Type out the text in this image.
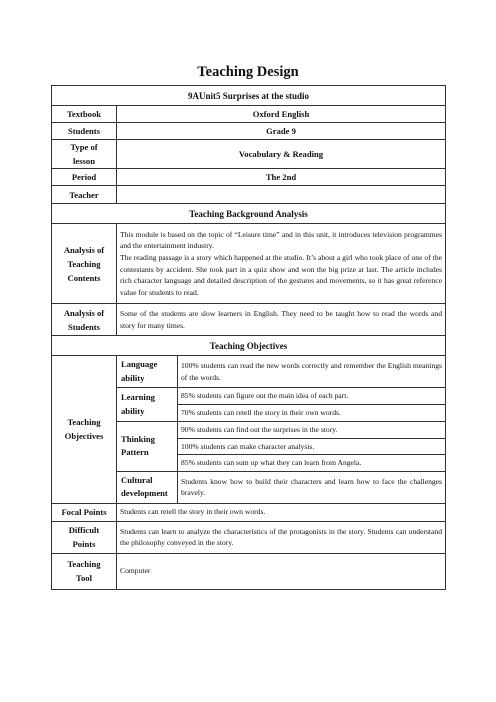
Teaching Design
9AUnit5 Surprises at the studio		
Textbook	Oxford English	
Students	Grade 9	
Type of lesson	Vocabulary & Reading	
Period	The 2nd	
Teacher		
Teaching Background Analysis		
Analysis of Teaching Contents	This module is based on the topic of “Leisure time” and in this unit, it introduces television programmes and the entertainment industry.
The reading passage is a story which happened at the studio. It’s about a girl who took place of one of the contestants by accident. She took part in a quiz show and won the big prize at last. The article includes rich character language and detailed description of the gestures and movements, so it has great reference value for students to read.	

Analysis of Students	Some of the students are slow learners in English. They need to be taught how to read the words and story for many times.	
Teaching Objectives		
Teaching Objectives	Language ability	100% students can read the new words correctly and remember the English meanings of the words.
	Learning ability	85% students can figure out the main idea of each part.
		70% students can retell the story in their own words.
	Thinking Pattern	90% students can find out the surprises in the story.
		100% students can make character analysis.
		85% students can sum up what they can learn from Angela.
	Cultural development	Students know how to build their characters and learn how to face the challenges bravely.
Focal Points	Students can retell the story in their own words.	
Difficult Points	Students can learn to analyze the characteristics of the protagonists in the story. Students can understand the philosophy conveyed in the story.	
Teaching Tool	Computer	
